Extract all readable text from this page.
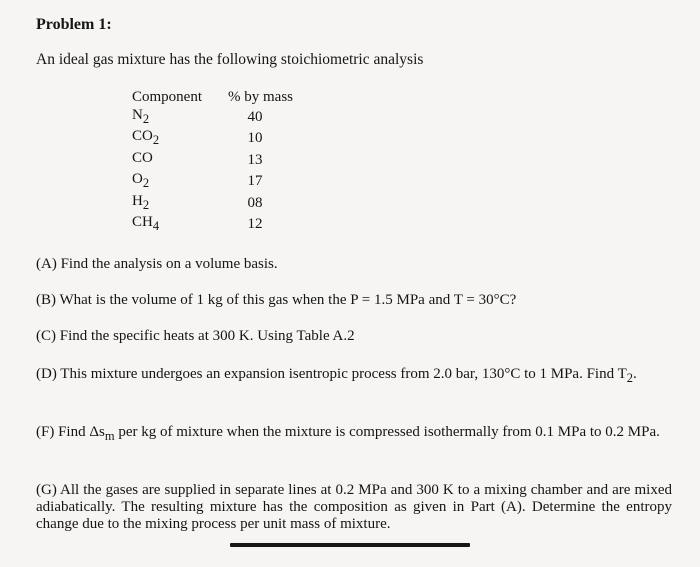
Problem 1:
An ideal gas mixture has the following stoichiometric analysis
Component	% by mass
$N_2$	40
$CO_2$	10
CO	13
$O_2$	17
$H_2$	08
$CH_4$	12
(A) Find the analysis on a volume basis.
(B) What is the volume of 1 kg of this gas when the P = 1.5 MPa and T = 30°C?
(C) Find the specific heats at 300 K. Using Table A.2
(D) This mixture undergoes an expansion isentropic process from 2.0 bar, 130°C to 1 MPa. Find $T_2$.
(F) Find $\Delta s_m$ per kg of mixture when the mixture is compressed isothermally from 0.1 MPa to 0.2 MPa.
(G) All the gases are supplied in separate lines at 0.2 MPa and 300 K to a mixing chamber and are mixed adiabatically. The resulting mixture has the composition as given in Part (A). Determine the entropy change due to the mixing process per unit mass of mixture.
